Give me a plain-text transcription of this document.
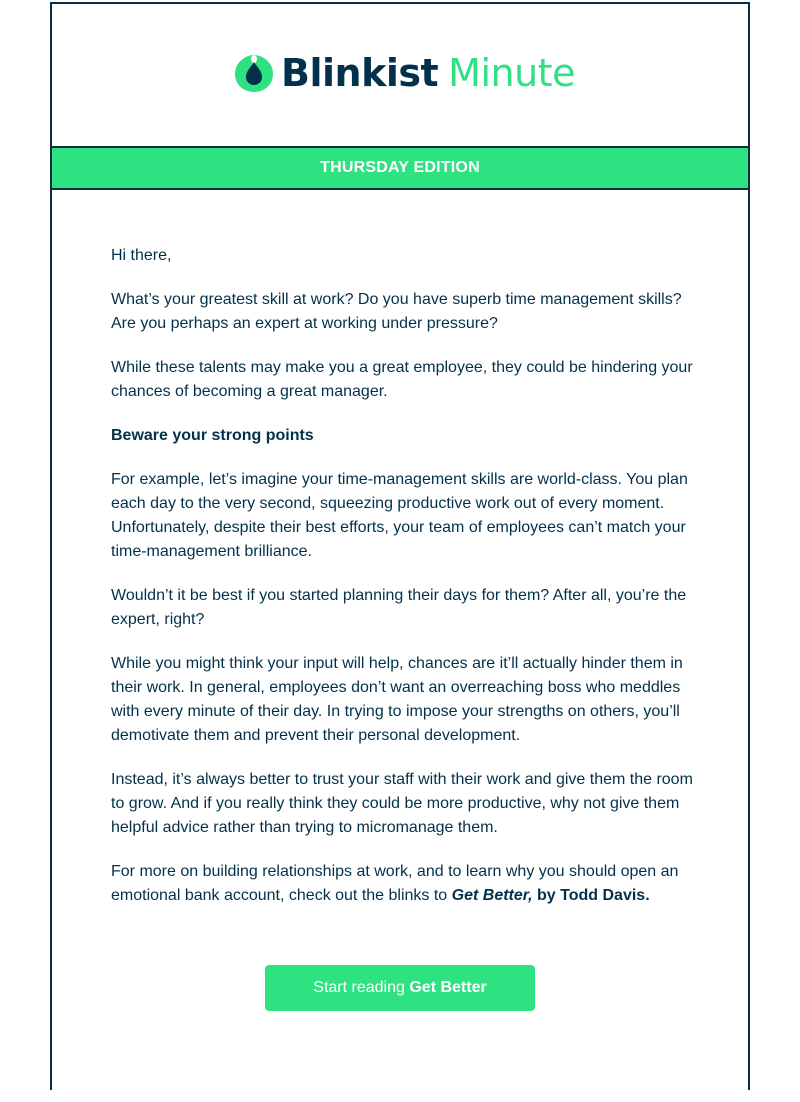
Blinkist Minute
THURSDAY EDITION

Hi there,

What’s your greatest skill at work? Do you have superb time management skills? Are you perhaps an expert at working under pressure?

While these talents may make you a great employee, they could be hindering your chances of becoming a great manager.

Beware your strong points

For example, let’s imagine your time-management skills are world-class. You plan each day to the very second, squeezing productive work out of every moment. Unfortunately, despite their best efforts, your team of employees can’t match your time-management brilliance.

Wouldn’t it be best if you started planning their days for them? After all, you’re the expert, right?

While you might think your input will help, chances are it’ll actually hinder them in their work. In general, employees don’t want an overreaching boss who meddles with every minute of their day. In trying to impose your strengths on others, you’ll demotivate them and prevent their personal development.

Instead, it’s always better to trust your staff with their work and give them the room to grow. And if you really think they could be more productive, why not give them helpful advice rather than trying to micromanage them.

For more on building relationships at work, and to learn why you should open an emotional bank account, check out the blinks to Get Better, by Todd Davis.

Start reading Get Better
